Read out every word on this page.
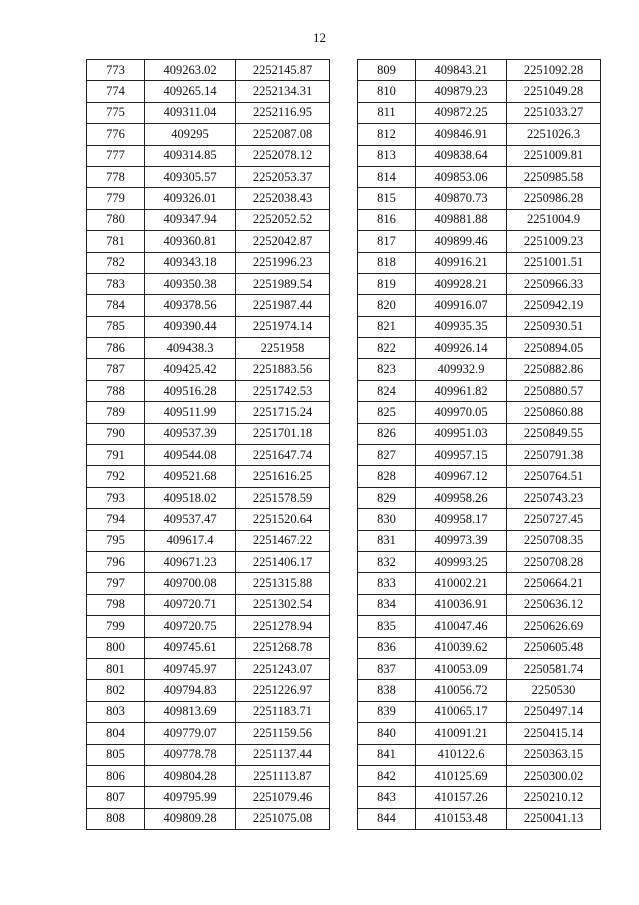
12
773	409263.02	2252145.87
774	409265.14	2252134.31
775	409311.04	2252116.95
776	409295	2252087.08
777	409314.85	2252078.12
778	409305.57	2252053.37
779	409326.01	2252038.43
780	409347.94	2252052.52
781	409360.81	2252042.87
782	409343.18	2251996.23
783	409350.38	2251989.54
784	409378.56	2251987.44
785	409390.44	2251974.14
786	409438.3	2251958
787	409425.42	2251883.56
788	409516.28	2251742.53
789	409511.99	2251715.24
790	409537.39	2251701.18
791	409544.08	2251647.74
792	409521.68	2251616.25
793	409518.02	2251578.59
794	409537.47	2251520.64
795	409617.4	2251467.22
796	409671.23	2251406.17
797	409700.08	2251315.88
798	409720.71	2251302.54
799	409720.75	2251278.94
800	409745.61	2251268.78
801	409745.97	2251243.07
802	409794.83	2251226.97
803	409813.69	2251183.71
804	409779.07	2251159.56
805	409778.78	2251137.44
806	409804.28	2251113.87
807	409795.99	2251079.46
808	409809.28	2251075.08
809	409843.21	2251092.28
810	409879.23	2251049.28
811	409872.25	2251033.27
812	409846.91	2251026.3
813	409838.64	2251009.81
814	409853.06	2250985.58
815	409870.73	2250986.28
816	409881.88	2251004.9
817	409899.46	2251009.23
818	409916.21	2251001.51
819	409928.21	2250966.33
820	409916.07	2250942.19
821	409935.35	2250930.51
822	409926.14	2250894.05
823	409932.9	2250882.86
824	409961.82	2250880.57
825	409970.05	2250860.88
826	409951.03	2250849.55
827	409957.15	2250791.38
828	409967.12	2250764.51
829	409958.26	2250743.23
830	409958.17	2250727.45
831	409973.39	2250708.35
832	409993.25	2250708.28
833	410002.21	2250664.21
834	410036.91	2250636.12
835	410047.46	2250626.69
836	410039.62	2250605.48
837	410053.09	2250581.74
838	410056.72	2250530
839	410065.17	2250497.14
840	410091.21	2250415.14
841	410122.6	2250363.15
842	410125.69	2250300.02
843	410157.26	2250210.12
844	410153.48	2250041.13
